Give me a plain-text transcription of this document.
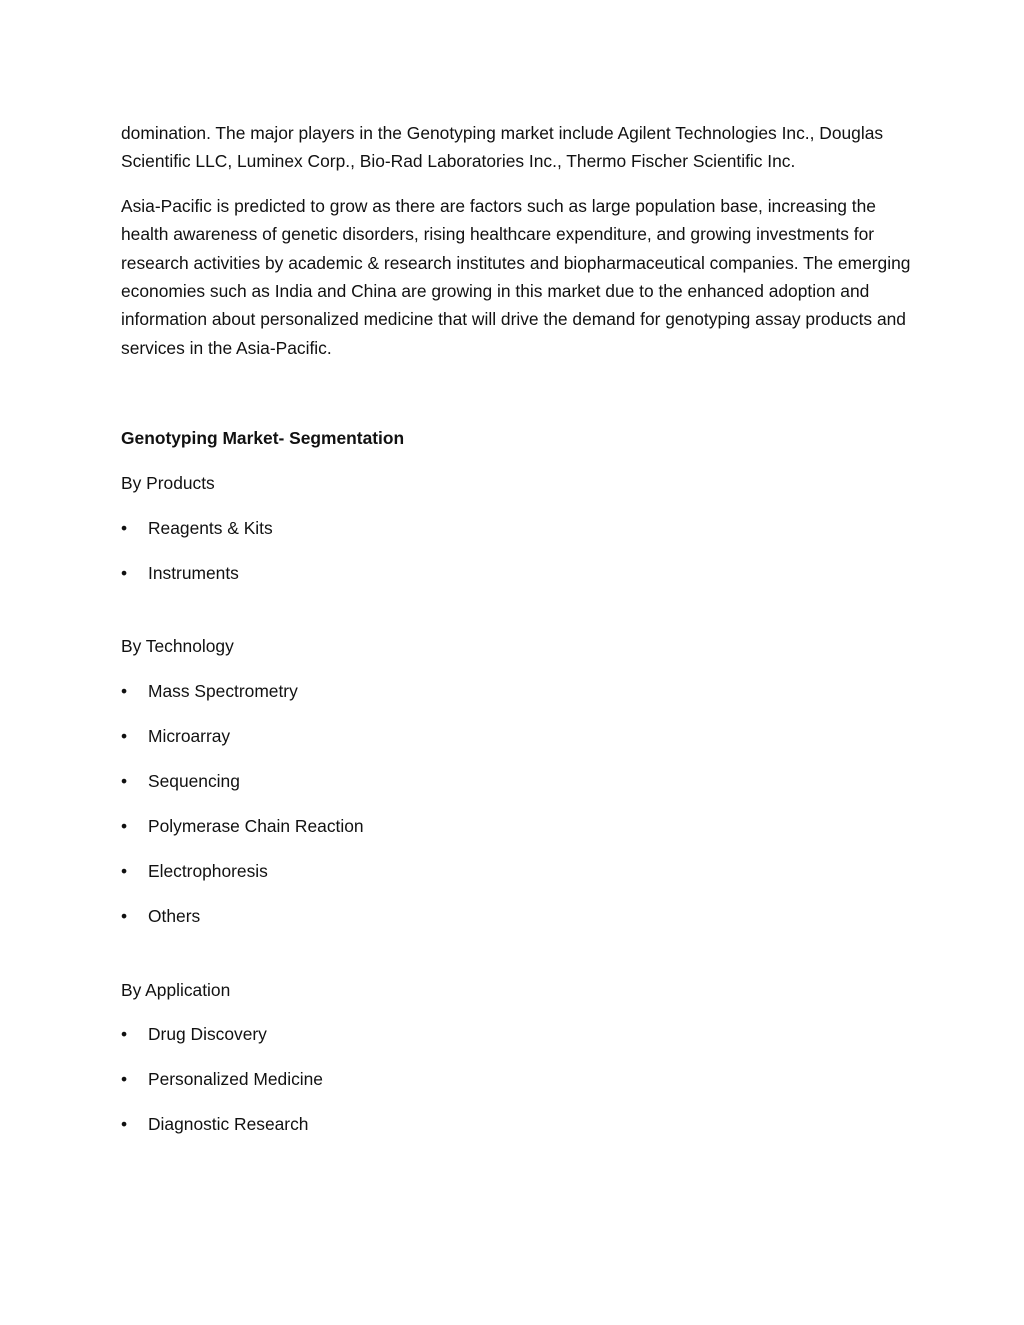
domination. The major players in the Genotyping market include Agilent Technologies Inc., Douglas Scientific LLC, Luminex Corp., Bio-Rad Laboratories Inc., Thermo Fischer Scientific Inc.

Asia-Pacific is predicted to grow as there are factors such as large population base, increasing the health awareness of genetic disorders, rising healthcare expenditure, and growing investments for research activities by academic & research institutes and biopharmaceutical companies. The emerging economies such as India and China are growing in this market due to the enhanced adoption and information about personalized medicine that will drive the demand for genotyping assay products and services in the Asia-Pacific.

Genotyping Market- Segmentation

By Products

• Reagents & Kits
• Instruments

By Technology

• Mass Spectrometry
• Microarray
• Sequencing
• Polymerase Chain Reaction
• Electrophoresis
• Others

By Application

• Drug Discovery
• Personalized Medicine
• Diagnostic Research
